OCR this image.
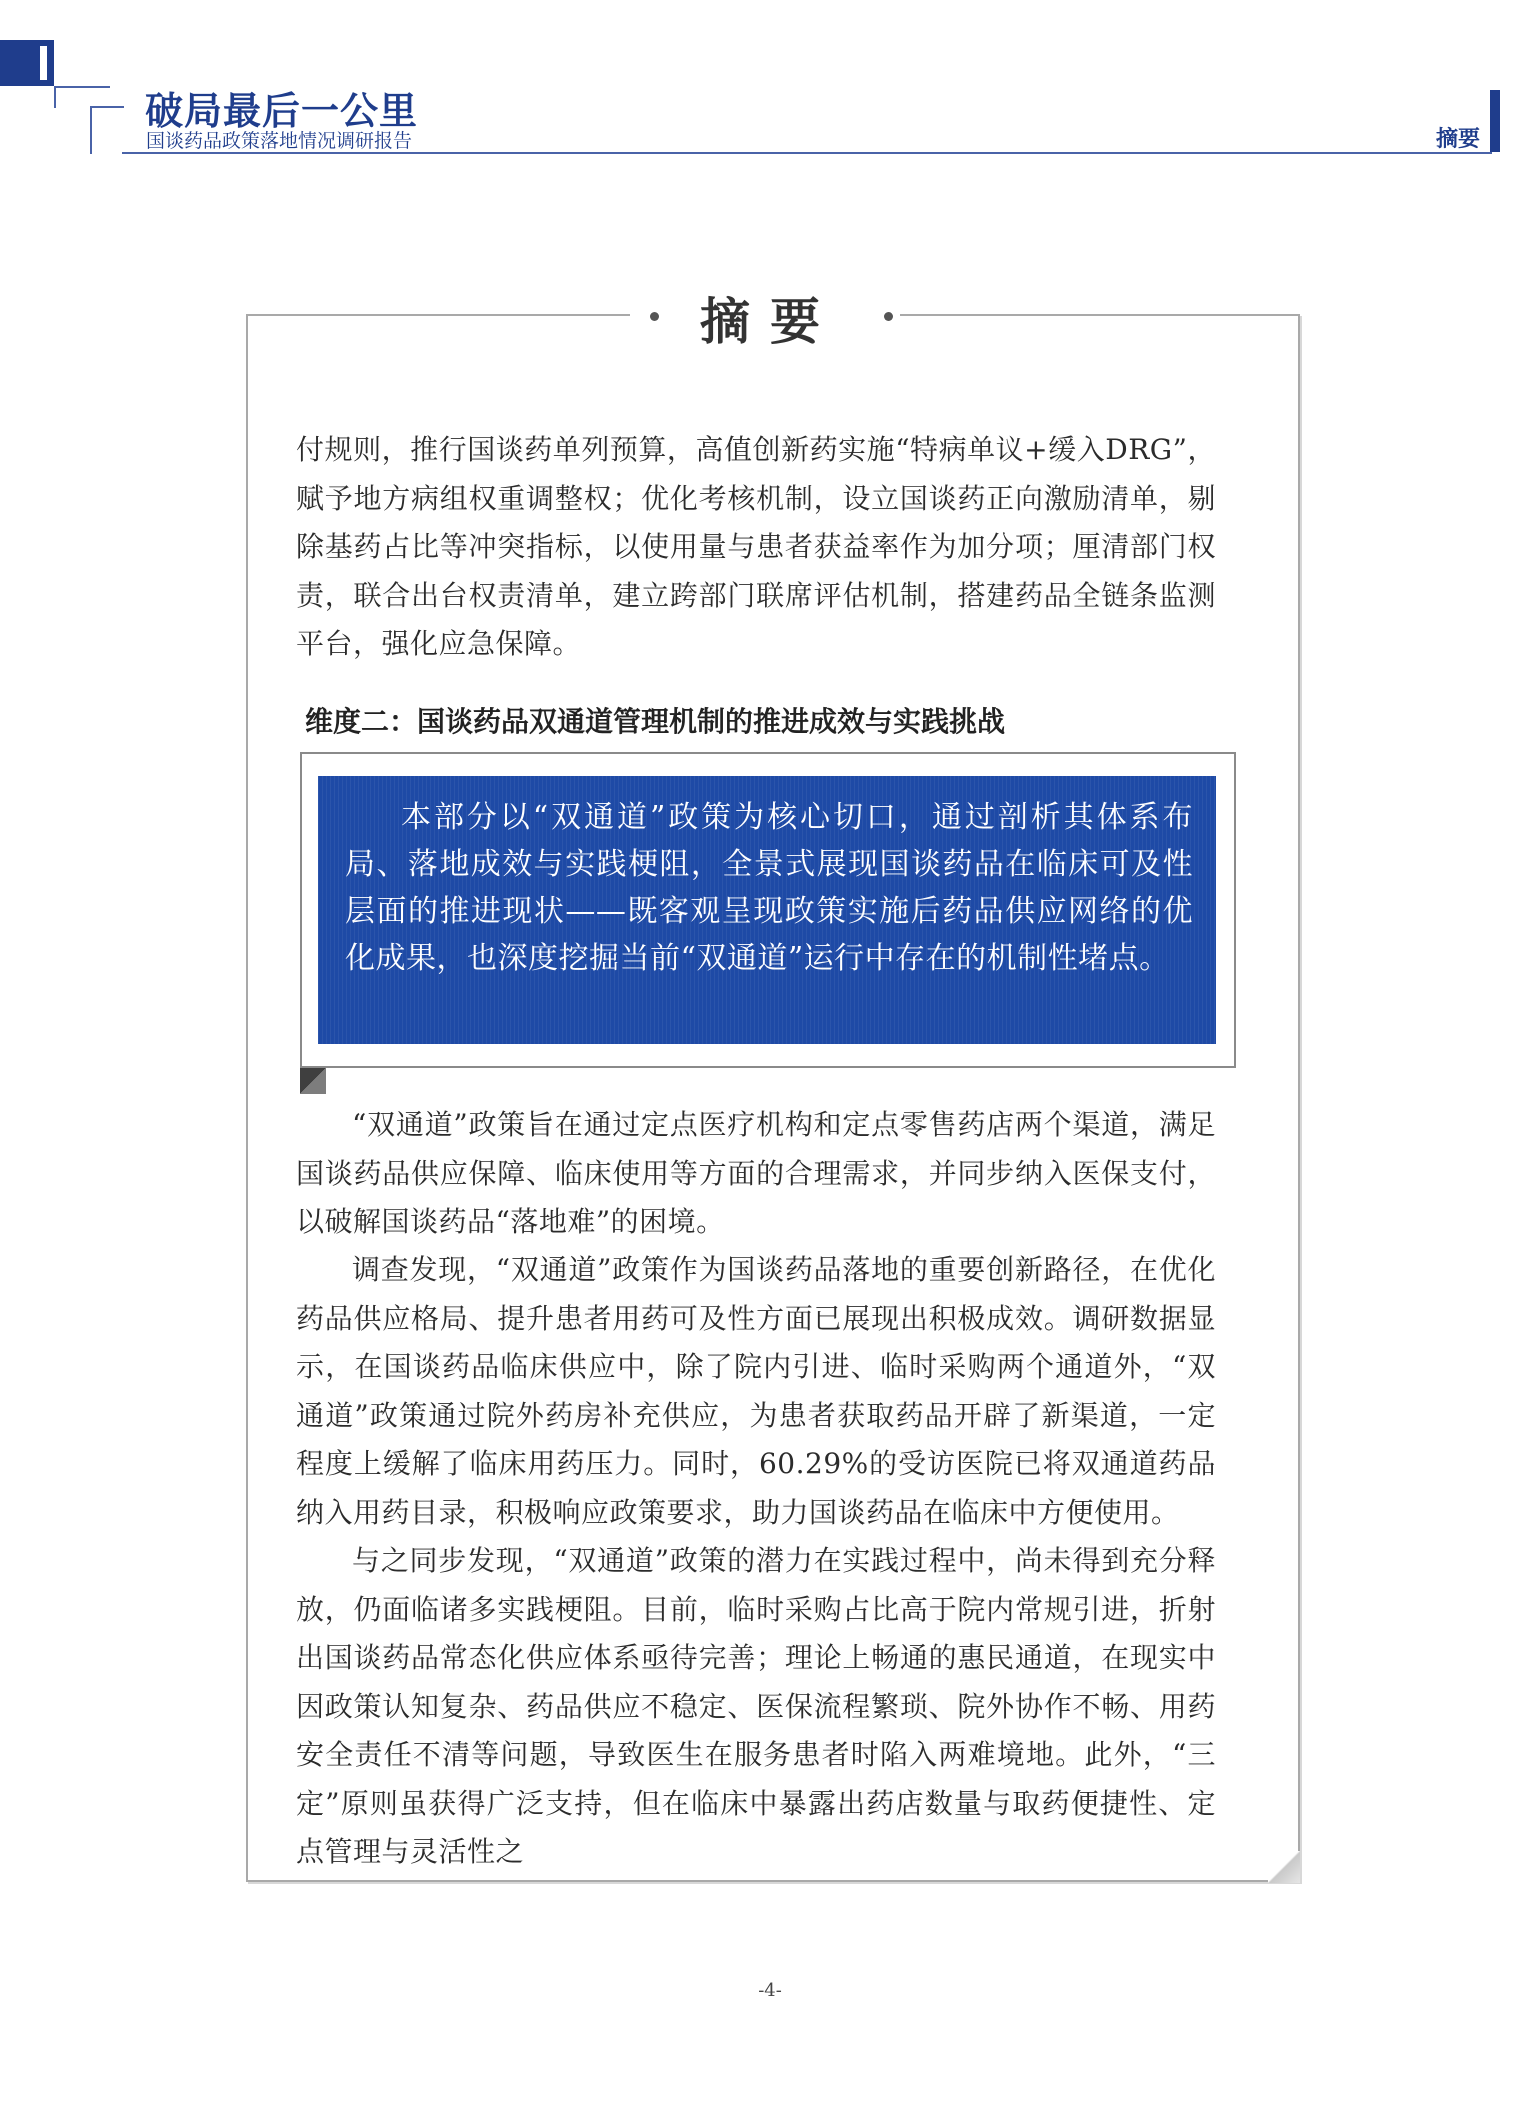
破局最后一公里
国谈药品政策落地情况调研报告	摘要
摘要
付规则，推行国谈药单列预算，高值创新药实施“特病单议+缓入DRG”，赋予地方病组权重调整权；优化考核机制，设立国谈药正向激励清单，剔除基药占比等冲突指标，以使用量与患者获益率作为加分项；厘清部门权责，联合出台权责清单，建立跨部门联席评估机制，搭建药品全链条监测平台，强化应急保障。
维度二：国谈药品双通道管理机制的推进成效与实践挑战
本部分以“双通道”政策为核心切口，通过剖析其体系布局、落地成效与实践梗阻，全景式展现国谈药品在临床可及性层面的推进现状——既客观呈现政策实施后药品供应网络的优化成果，也深度挖掘当前“双通道”运行中存在的机制性堵点。
“双通道”政策旨在通过定点医疗机构和定点零售药店两个渠道，满足国谈药品供应保障、临床使用等方面的合理需求，并同步纳入医保支付，以破解国谈药品“落地难”的困境。
调查发现，“双通道”政策作为国谈药品落地的重要创新路径，在优化药品供应格局、提升患者用药可及性方面已展现出积极成效。调研数据显示，在国谈药品临床供应中，除了院内引进、临时采购两个通道外，“双通道”政策通过院外药房补充供应，为患者获取药品开辟了新渠道，一定程度上缓解了临床用药压力。同时，60.29%的受访医院已将双通道药品纳入用药目录，积极响应政策要求，助力国谈药品在临床中方便使用。
与之同步发现，“双通道”政策的潜力在实践过程中，尚未得到充分释放，仍面临诸多实践梗阻。目前，临时采购占比高于院内常规引进，折射出国谈药品常态化供应体系亟待完善；理论上畅通的惠民通道，在现实中因政策认知复杂、药品供应不稳定、医保流程繁琐、院外协作不畅、用药安全责任不清等问题，导致医生在服务患者时陷入两难境地。此外，“三定”原则虽获得广泛支持，但在临床中暴露出药店数量与取药便捷性、定点管理与灵活性之
-4-
